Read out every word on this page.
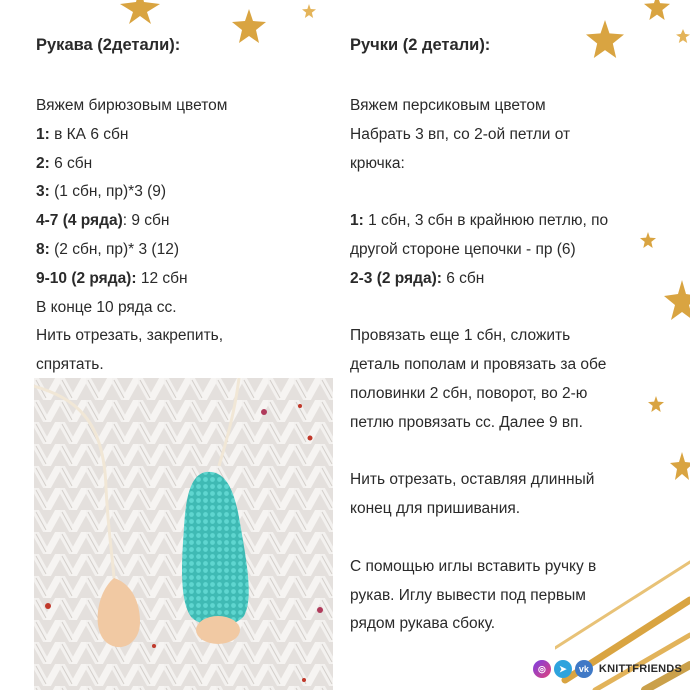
Рукава (2детали):
Вяжем бирюзовым цветом
1: в КА 6 сбн
2: 6 сбн
3: (1 сбн, пр)*3 (9)
4-7 (4 ряда): 9 сбн
8: (2 сбн, пр)* 3 (12)
9-10 (2 ряда): 12 сбн
В конце 10 ряда сс.
Нить отрезать, закрепить,
спрятать.
Ручки (2 детали):
Вяжем персиковым цветом
Набрать 3 вп, со 2-ой петли от
крючка:
1: 1 сбн, 3 сбн в крайнюю петлю, по
другой стороне цепочки - пр (6)
2-3 (2 ряда): 6 сбн
Провязать еще 1 сбн, сложить
деталь пополам и провязать за обе
половинки 2 сбн, поворот, во 2-ю
петлю провязать сс. Далее 9 вп.
Нить отрезать, оставляя длинный
конец для пришивания.
С помощью иглы вставить ручку в
рукав. Иглу вывести под первым
рядом рукава сбоку.
◎	➤	vk KNITTFRIENDS
